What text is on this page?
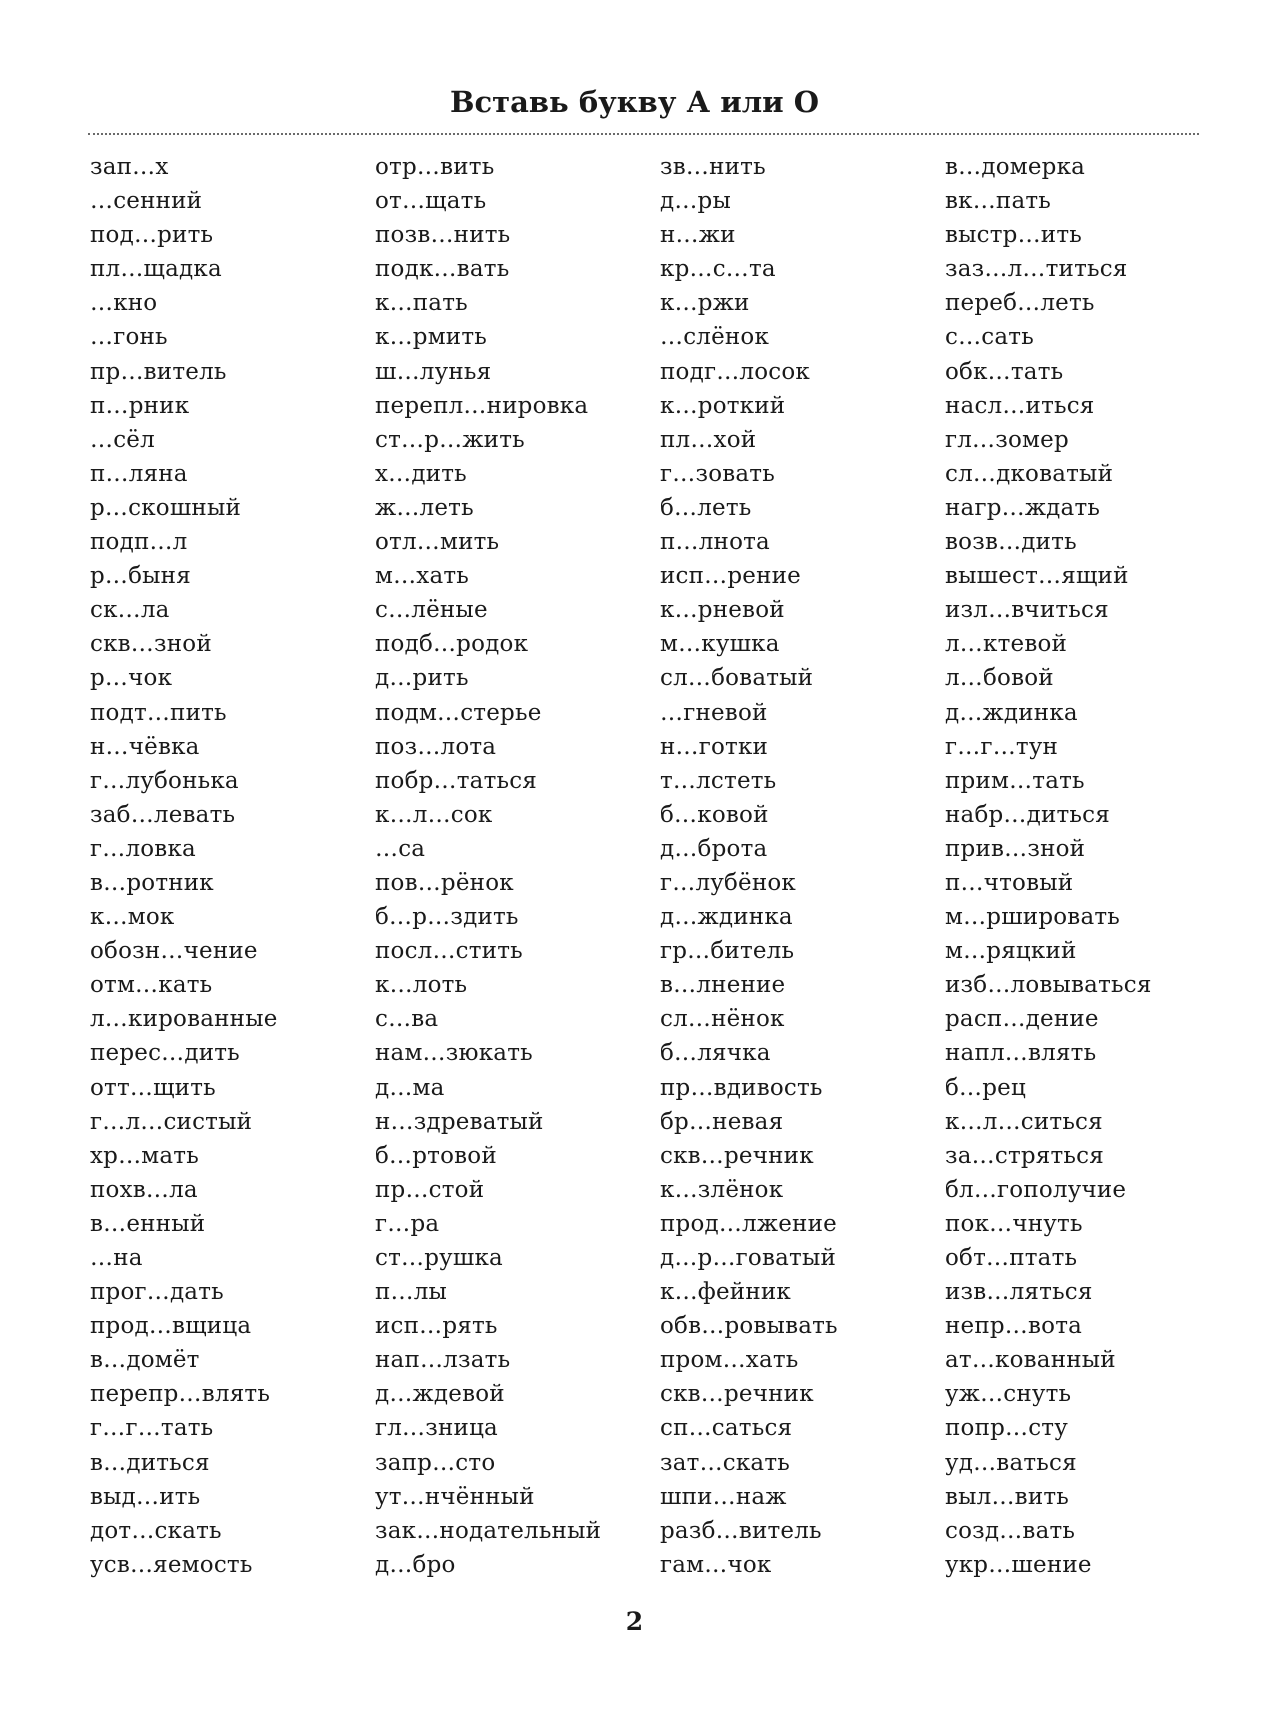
Вставь букву А или О
зап…х
…сенний
под…рить
пл…щадка
…кно
…гонь
пр…витель
п…рник
…сёл
п…ляна
р…скошный
подп…л
р…быня
ск…ла
скв…зной
р…чок
подт…пить
н…чёвка
г…лубонька
заб…левать
г…ловка
в…ротник
к…мок
обозн…чение
отм…кать
л…кированные
перес…дить
отт…щить
г…л…систый
хр…мать
похв…ла
в…енный
…на
прог…дать
прод…вщица
в…домёт
перепр…влять
г…г…тать
в…диться
выд…ить
дот…скать
усв…яемость
отр…вить
от…щать
позв…нить
подк…вать
к…пать
к…рмить
ш…лунья
перепл…нировка
ст…р…жить
х…дить
ж…леть
отл…мить
м…хать
с…лёные
подб…родок
д…рить
подм…стерье
поз…лота
побр…таться
к…л…сок
…са
пов…рёнок
б…р…здить
посл…стить
к…лоть
с…ва
нам…зюкать
д…ма
н…здреватый
б…ртовой
пр…стой
г…ра
ст…рушка
п…лы
исп…рять
нап…лзать
д…ждевой
гл…зница
запр…сто
ут…нчённый
зак…нодательный
д…бро
зв…нить
д…ры
н…жи
кр…с…та
к…ржи
…слёнок
подг…лосок
к…роткий
пл…хой
г…зовать
б…леть
п…лнота
исп…рение
к…рневой
м…кушка
сл…боватый
…гневой
н…готки
т…лстеть
б…ковой
д…брота
г…лубёнок
д…ждинка
гр…битель
в…лнение
сл…нёнок
б…лячка
пр…вдивость
бр…невая
скв…речник
к…злёнок
прод…лжение
д…р…говатый
к…фейник
обв…ровывать
пром…хать
скв…речник
сп…саться
зат…скать
шпи…наж
разб…витель
гам…чок
в…домерка
вк…пать
выстр…ить
заз…л…титься
переб…леть
с…сать
обк…тать
насл…иться
гл…зомер
сл…дковатый
нагр…ждать
возв…дить
вышест…ящий
изл…вчиться
л…ктевой
л…бовой
д…ждинка
г…г…тун
прим…тать
набр…диться
прив…зной
п…чтовый
м…ршировать
м…ряцкий
изб…ловываться
расп…дение
напл…влять
б…рец
к…л…ситься
за…стряться
бл…гополучие
пок…чнуть
обт…птать
изв…ляться
непр…вота
ат…кованный
уж…снуть
попр…сту
уд…ваться
выл…вить
созд…вать
укр…шение
2
